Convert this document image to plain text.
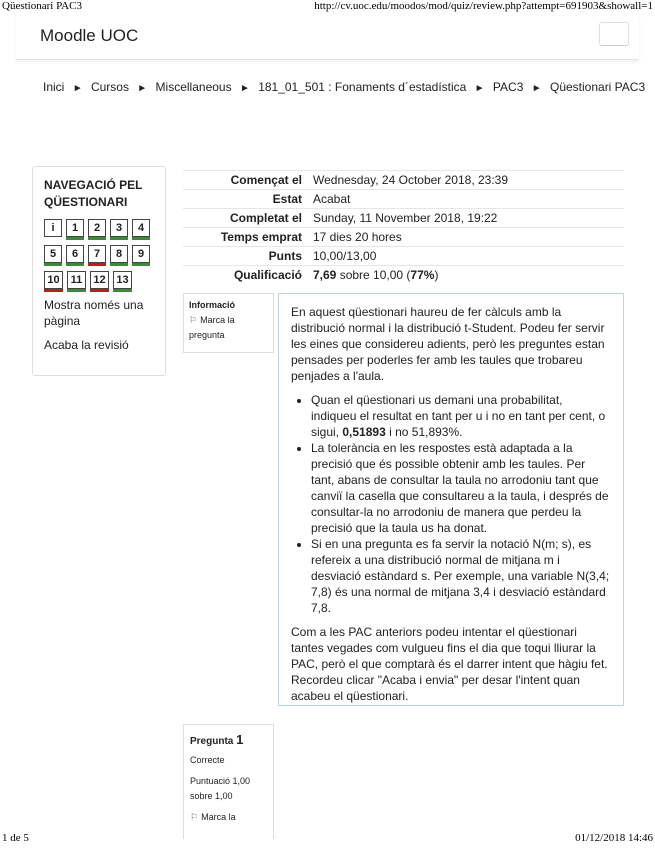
Qüestionari PAC3	http://cv.uoc.edu/moodos/mod/quiz/review.php?attempt=691903&showall=1
Moodle UOC
Inici ► Cursos ► Miscellaneous ► 181_01_501 : Fonaments d´estadística ► PAC3 ► Qüestionari PAC3
NAVEGACIÓ PEL QÜESTIONARI
i	1	2	3	4
5	6	7	8	9
10	11	12 13
Mostra només una pàgina
Acaba la revisió
Començat el	Wednesday, 24 October 2018, 23:39
Estat	Acabat
Completat el	Sunday, 11 November 2018, 19:22
Temps emprat	17 dies 20 hores
Punts	10,00/13,00
Qualificació	7,69 sobre 10,00 (77%)
Informació
⚐ Marca la pregunta

En aquest qüestionari haureu de fer càlculs amb la distribució normal i la distribució t-Student. Podeu fer servir les eines que considereu adients, però les preguntes estan pensades per poderles fer amb les taules que trobareu penjades a l'aula.

• Quan el qüestionari us demani una probabilitat, indiqueu el resultat en tant per u i no en tant per cent, o sigui, 0,51893 i no 51,893%.
• La tolerància en les respostes està adaptada a la precisió que és possible obtenir amb les taules. Per tant, abans de consultar la taula no arrodoniu tant que canviï la casella que consultareu a la taula, i després de consultar-la no arrodoniu de manera que perdeu la precisió que la taula us ha donat.
• Si en una pregunta es fa servir la notació N(m; s), es refereix a una distribució normal de mitjana m i desviació estàndard s. Per exemple, una variable N(3,4; 7,8) és una normal de mitjana 3,4 i desviació estàndard 7,8.

Com a les PAC anteriors podeu intentar el qüestionari tantes vegades com vulgueu fins el dia que toqui lliurar la PAC, però el que comptarà és el darrer intent que hàgiu fet. Recordeu clicar "Acaba i envia" per desar l'intent quan acabeu el qüestionari.

Pregunta 1
Correcte
Puntuació 1,00 sobre 1,00
⚐ Marca la
1 de 5	01/12/2018 14:46
